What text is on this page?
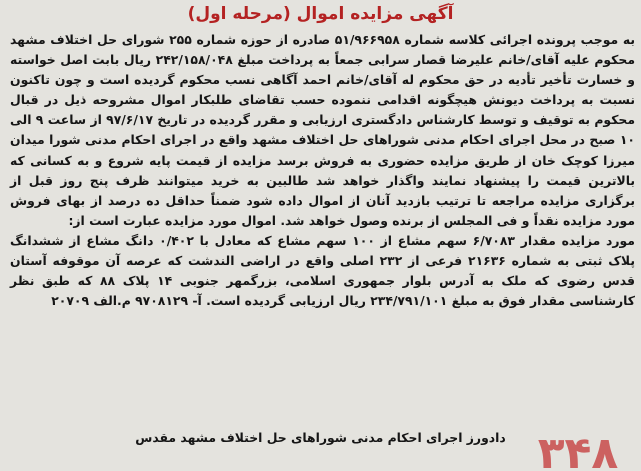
آگهی مزایده اموال (مرحله اول)

به موجب پرونده اجرائی کلاسه شماره ۵۱/۹۶۶۹۵۸ صادره از حوزه شماره ۲۵۵ شورای حل اختلاف مشهد محکوم علیه آقای/خانم علیرضا قصار سرابی جمعاً به پرداخت مبلغ ۲۴۲/۱۵۸/۰۴۸ ریال بابت اصل خواسته و خسارت تأخیر تأدیه در حق محکوم له آقای/خانم احمد آگاهی نسب محکوم گردیده است و چون تاکنون نسبت به پرداخت دیونش هیچگونه اقدامی ننموده حسب تقاضای طلبکار اموال مشروحه ذیل در قبال محکوم به توقیف و توسط کارشناس دادگستری ارزیابی و مقرر گردیده در تاریخ ۹۷/۶/۱۷ از ساعت ۹ الی ۱۰ صبح در محل اجرای احکام مدنی شوراهای حل اختلاف مشهد واقع در اجرای احکام مدنی شورا میدان میرزا کوچک خان از طریق مزایده حضوری به فروش برسد مزایده از قیمت پایه شروع و به کسانی که بالاترین قیمت را پیشنهاد نمایند واگذار خواهد شد طالبین به خرید میتوانند ظرف پنج روز قبل از برگزاری مزایده مراجعه تا ترتیب بازدید آنان از اموال داده شود ضمناً حداقل ده درصد از بهای فروش مورد مزایده نقداً و فی المجلس از برنده وصول خواهد شد. اموال مورد مزایده عبارت است از:

مورد مزایده مقدار ۶/۷۰۸۳ سهم مشاع از ۱۰۰ سهم مشاع که معادل با ۰/۴۰۲ دانگ مشاع از ششدانگ پلاک ثبتی به شماره ۲۱۶۳۶ فرعی از ۲۳۲ اصلی واقع در اراضی الندشت که عرصه آن موقوفه آستان قدس رضوی که ملک به آدرس بلوار جمهوری اسلامی، بزرگمهر جنوبی ۱۴ پلاک ۸۸ که طبق نظر کارشناسی مقدار فوق به مبلغ ۲۳۴/۷۹۱/۱۰۱ ریال ارزیابی گردیده است. آ- ۹۷۰۸۱۲۹ م.الف ۲۰۷۰۹

دادورز اجرای احکام مدنی شوراهای حل اختلاف مشهد مقدس ۳۴۸
